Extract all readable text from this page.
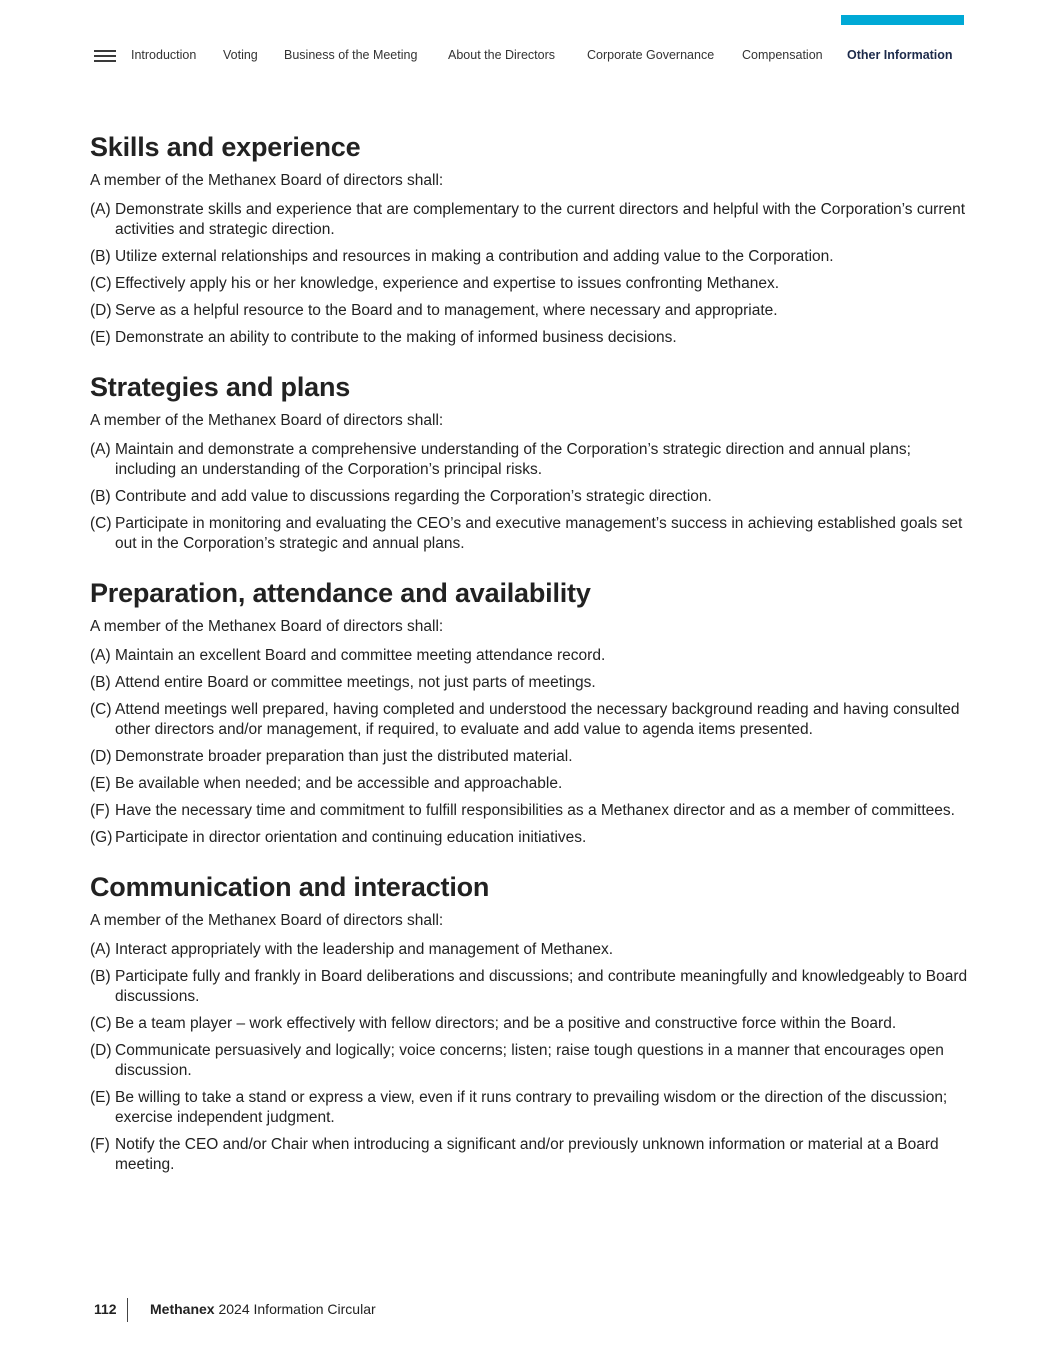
Introduction Voting Business of the Meeting About the Directors	Corporate Governance Compensation Other Information
Skills and experience

A member of the Methanex Board of directors shall:

(A) Demonstrate skills and experience that are complementary to the current directors and helpful with the Corporation’s current activities and strategic direction.
(B) Utilize external relationships and resources in making a contribution and adding value to the Corporation.
(C) Effectively apply his or her knowledge, experience and expertise to issues confronting Methanex.
(D) Serve as a helpful resource to the Board and to management, where necessary and appropriate.
(E) Demonstrate an ability to contribute to the making of informed business decisions.
Strategies and plans

A member of the Methanex Board of directors shall:

(A) Maintain and demonstrate a comprehensive understanding of the Corporation’s strategic direction and annual plans; including an understanding of the Corporation’s principal risks.
(B) Contribute and add value to discussions regarding the Corporation’s strategic direction.
(C) Participate in monitoring and evaluating the CEO’s and executive management’s success in achieving established goals set out in the Corporation’s strategic and annual plans.
Preparation, attendance and availability

A member of the Methanex Board of directors shall:

(A) Maintain an excellent Board and committee meeting attendance record.
(B) Attend entire Board or committee meetings, not just parts of meetings.
(C) Attend meetings well prepared, having completed and understood the necessary background reading and having consulted other directors and/or management, if required, to evaluate and add value to agenda items presented.
(D) Demonstrate broader preparation than just the distributed material.
(E) Be available when needed; and be accessible and approachable.
(F) Have the necessary time and commitment to fulfill responsibilities as a Methanex director and as a member of committees.
(G) Participate in director orientation and continuing education initiatives.
Communication and interaction

A member of the Methanex Board of directors shall:

(A) Interact appropriately with the leadership and management of Methanex.
(B) Participate fully and frankly in Board deliberations and discussions; and contribute meaningfully and knowledgeably to Board discussions.
(C) Be a team player – work effectively with fellow directors; and be a positive and constructive force within the Board.
(D) Communicate persuasively and logically; voice concerns; listen; raise tough questions in a manner that encourages open discussion.
(E) Be willing to take a stand or express a view, even if it runs contrary to prevailing wisdom or the direction of the discussion; exercise independent judgment.
(F) Notify the CEO and/or Chair when introducing a significant and/or previously unknown information or material at a Board meeting.
112 Methanex 2024 Information Circular
